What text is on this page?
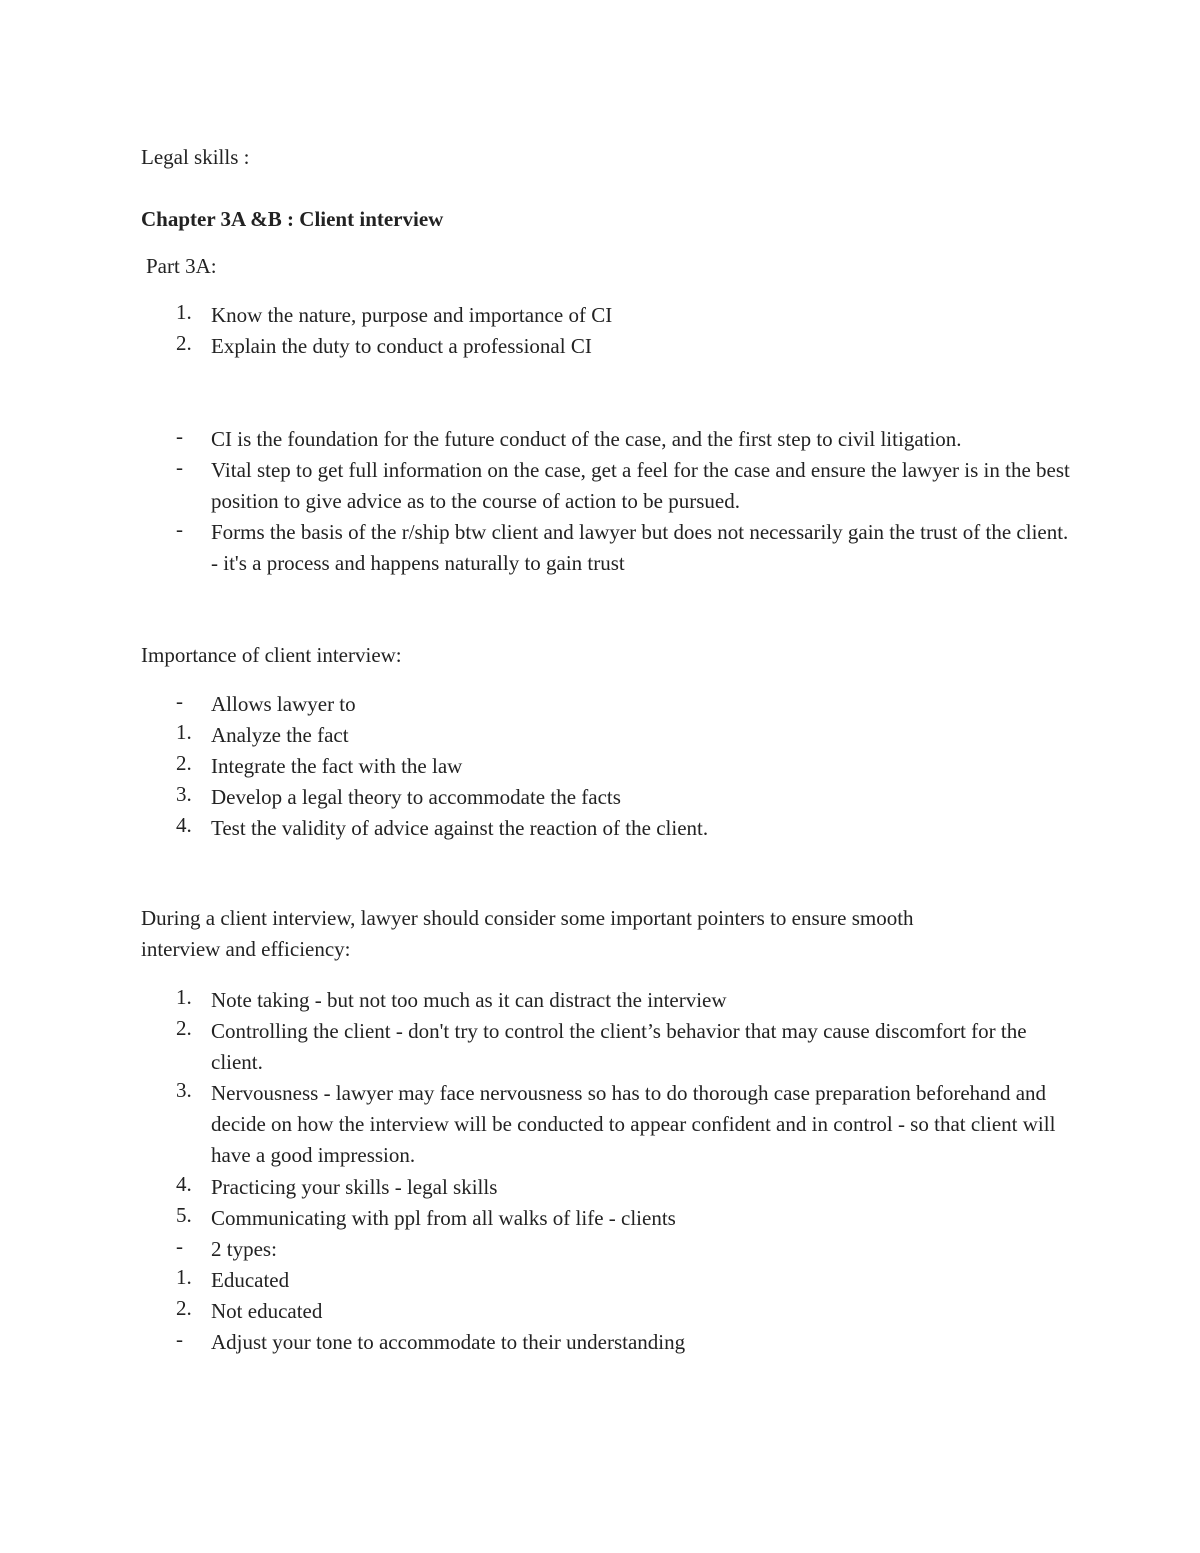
Legal skills :
Chapter 3A &B : Client interview
Part 3A:
1. Know the nature, purpose and importance of CI
2. Explain the duty to conduct a professional CI
- CI is the foundation for the future conduct of the case, and the first step to civil litigation.
- Vital step to get full information on the case, get a feel for the case and ensure the lawyer is in the best position to give advice as to the course of action to be pursued.
- Forms the basis of the r/ship btw client and lawyer but does not necessarily gain the trust of the client. - it's a process and happens naturally to gain trust
Importance of client interview:
- Allows lawyer to
1. Analyze the fact
2. Integrate the fact with the law
3. Develop a legal theory to accommodate the facts
4. Test the validity of advice against the reaction of the client.
During a client interview, lawyer should consider some important pointers to ensure smooth
interview and efficiency:
1. Note taking - but not too much as it can distract the interview
2. Controlling the client - don't try to control the client’s behavior that may cause discomfort for the client.
3. Nervousness - lawyer may face nervousness so has to do thorough case preparation beforehand and decide on how the interview will be conducted to appear confident and in control - so that client will have a good impression.
4. Practicing your skills - legal skills
5. Communicating with ppl from all walks of life - clients
- 2 types:
1. Educated
2. Not educated
- Adjust your tone to accommodate to their understanding
